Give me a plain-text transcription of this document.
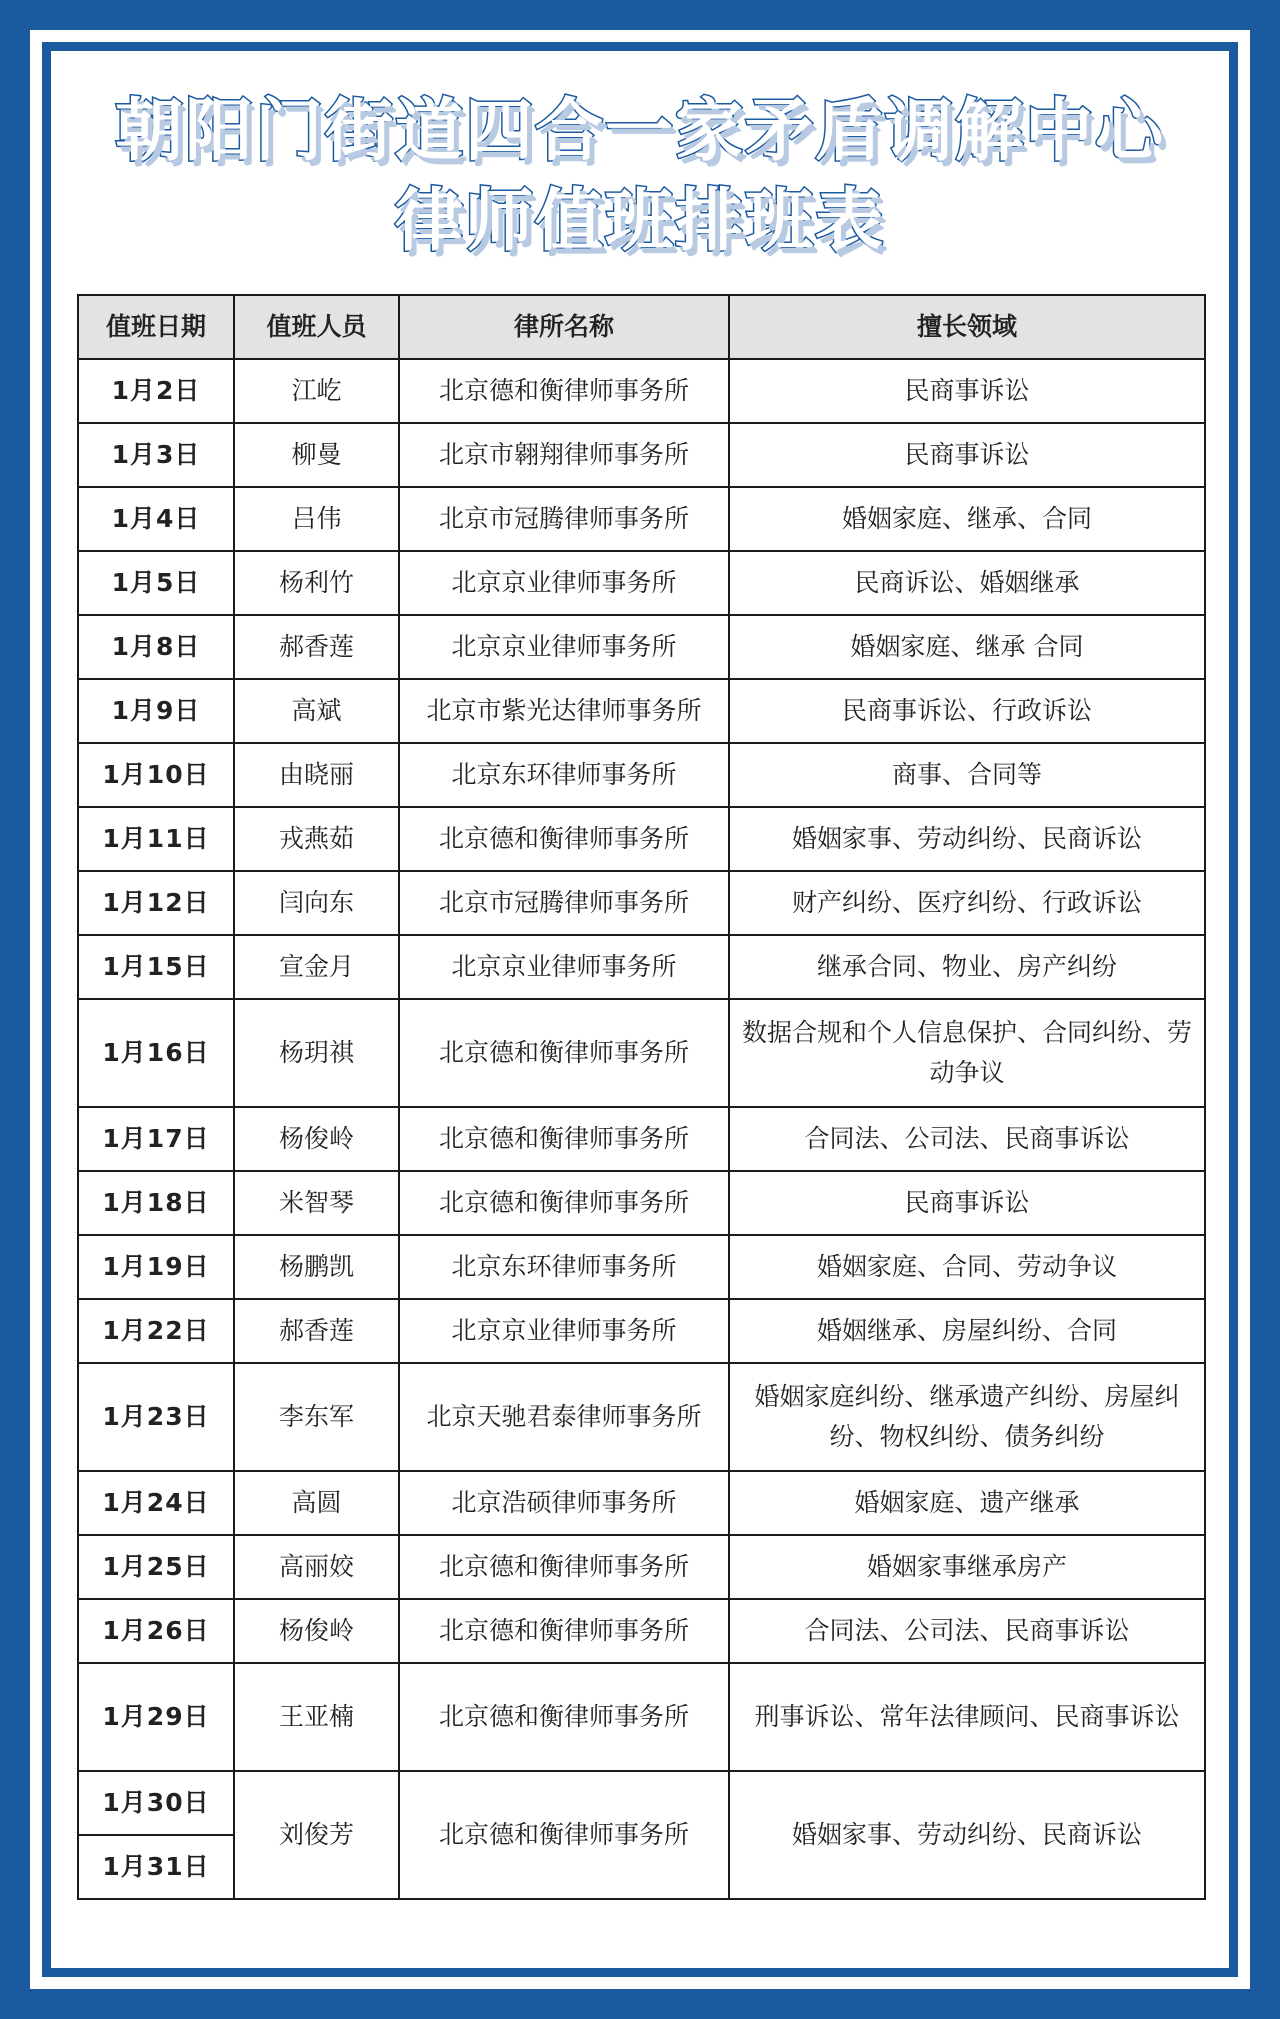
朝阳门街道四合一家矛盾调解中心
律师值班排班表
值班日期	值班人员	律所名称	擅长领域
1月2日	江屹	北京德和衡律师事务所	民商事诉讼
1月3日	柳曼	北京市翱翔律师事务所	民商事诉讼
1月4日	吕伟	北京市冠腾律师事务所	婚姻家庭、继承、合同
1月5日	杨利竹	北京京业律师事务所	民商诉讼、婚姻继承
1月8日	郝香莲	北京京业律师事务所	婚姻家庭、继承 合同
1月9日	高斌	北京市紫光达律师事务所	民商事诉讼、行政诉讼
1月10日	由晓丽	北京东环律师事务所	商事、合同等
1月11日	戎燕茹	北京德和衡律师事务所	婚姻家事、劳动纠纷、民商诉讼
1月12日	闫向东	北京市冠腾律师事务所	财产纠纷、医疗纠纷、行政诉讼
1月15日	宣金月	北京京业律师事务所	继承合同、物业、房产纠纷
1月16日	杨玥祺	北京德和衡律师事务所	数据合规和个人信息保护、合同纠纷、劳动争议
1月17日	杨俊岭	北京德和衡律师事务所	合同法、公司法、民商事诉讼
1月18日	米智琴	北京德和衡律师事务所	民商事诉讼
1月19日	杨鹏凯	北京东环律师事务所	婚姻家庭、合同、劳动争议
1月22日	郝香莲	北京京业律师事务所	婚姻继承、房屋纠纷、合同
1月23日	李东军	北京天驰君泰律师事务所	婚姻家庭纠纷、继承遗产纠纷、房屋纠纷、物权纠纷、债务纠纷
1月24日	高圆	北京浩硕律师事务所	婚姻家庭、遗产继承
1月25日	高丽姣	北京德和衡律师事务所	婚姻家事继承房产
1月26日	杨俊岭	北京德和衡律师事务所	合同法、公司法、民商事诉讼
1月29日	王亚楠	北京德和衡律师事务所	刑事诉讼、常年法律顾问、民商事诉讼
1月30日	刘俊芳	北京德和衡律师事务所	婚姻家事、劳动纠纷、民商诉讼
1月31日			
